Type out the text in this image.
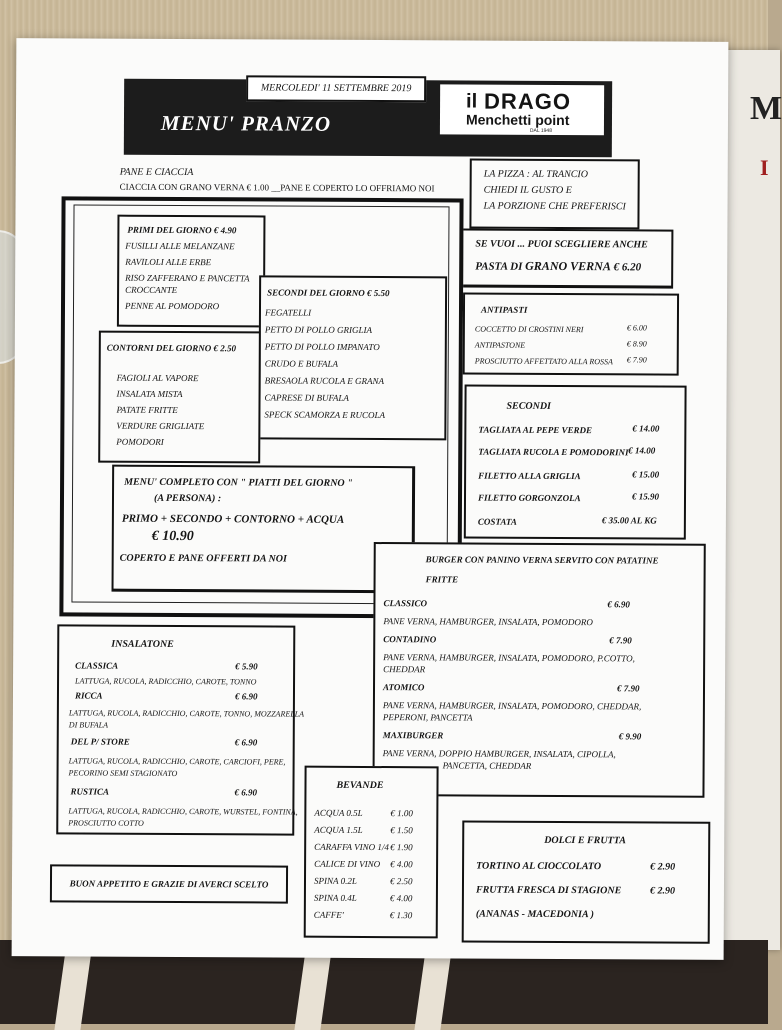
M
I
MERCOLEDI' 11 SETTEMBRE 2019
MENU' PRANZO
il DRAGO
Menchetti point
DAL 1948
PANE E CIACCIA
CIACCIA CON GRANO VERNA € 1.00 __PANE E COPERTO LO OFFRIAMO NOI
LA PIZZA : AL TRANCIO
CHIEDI IL GUSTO E
LA PORZIONE CHE PREFERISCI
SE VUOI ... PUOI SCEGLIERE ANCHE
PASTA DI GRANO VERNA € 6.20
PRIMI DEL GIORNO € 4.90
FUSILLI ALLE MELANZANE
RAVILOLI ALLE ERBE
RISO ZAFFERANO E PANCETTA
CROCCANTE
PENNE AL POMODORO
SECONDI DEL GIORNO € 5.50
FEGATELLI
PETTO DI POLLO GRIGLIA
PETTO DI POLLO IMPANATO
CRUDO E BUFALA
BRESAOLA RUCOLA E GRANA
CAPRESE DI BUFALA
SPECK SCAMORZA E RUCOLA
CONTORNI DEL GIORNO € 2.50
FAGIOLI AL VAPORE
INSALATA MISTA
PATATE FRITTE
VERDURE GRIGLIATE
POMODORI
MENU' COMPLETO CON " PIATTI DEL GIORNO "
(A PERSONA) :
PRIMO + SECONDO + CONTORNO + ACQUA
€ 10.90
COPERTO E PANE OFFERTI DA NOI
ANTIPASTI
COCCETTO DI CROSTINI NERI	€ 6.00
ANTIPASTONE	€ 8.90
PROSCIUTTO AFFETTATO ALLA ROSSA	€ 7.90
SECONDI
TAGLIATA AL PEPE VERDE	€ 14.00
TAGLIATA RUCOLA E POMODORINI € 14.00
FILETTO ALLA GRIGLIA	€ 15.00
FILETTO GORGONZOLA	€ 15.90
COSTATA	€ 35.00 AL KG
BURGER CON PANINO VERNA SERVITO CON PATATINE
FRITTE
CLASSICO	€ 6.90
PANE VERNA, HAMBURGER, INSALATA, POMODORO
CONTADINO	€ 7.90
PANE VERNA, HAMBURGER, INSALATA, POMODORO, P.COTTO,
CHEDDAR
ATOMICO	€ 7.90
PANE VERNA, HAMBURGER, INSALATA, POMODORO, CHEDDAR,
PEPERONI, PANCETTA
MAXIBURGER	€ 9.90
PANE VERNA, DOPPIO HAMBURGER, INSALATA, CIPOLLA,
PANCETTA, CHEDDAR
INSALATONE
CLASSICA	€ 5.90
LATTUGA, RUCOLA, RADICCHIO, CAROTE, TONNO
RICCA	€ 6.90
LATTUGA, RUCOLA, RADICCHIO, CAROTE, TONNO, MOZZARELLA
DI BUFALA
DEL P/ STORE	€ 6.90
LATTUGA, RUCOLA, RADICCHIO, CAROTE, CARCIOFI, PERE,
PECORINO SEMI STAGIONATO
RUSTICA	€ 6.90
LATTUGA, RUCOLA, RADICCHIO, CAROTE, WURSTEL, FONTINA,
PROSCIUTTO COTTO
BEVANDE
ACQUA 0.5L	€ 1.00
ACQUA 1.5L	€ 1.50
CARAFFA VINO 1/4 € 1.90
CALICE DI VINO	€ 4.00
SPINA 0.2L	€ 2.50
SPINA 0.4L	€ 4.00
CAFFE'	€ 1.30
DOLCI E FRUTTA
TORTINO AL CIOCCOLATO	€ 2.90
FRUTTA FRESCA DI STAGIONE	€ 2.90
(ANANAS - MACEDONIA )
BUON APPETITO E GRAZIE DI AVERCI SCELTO
